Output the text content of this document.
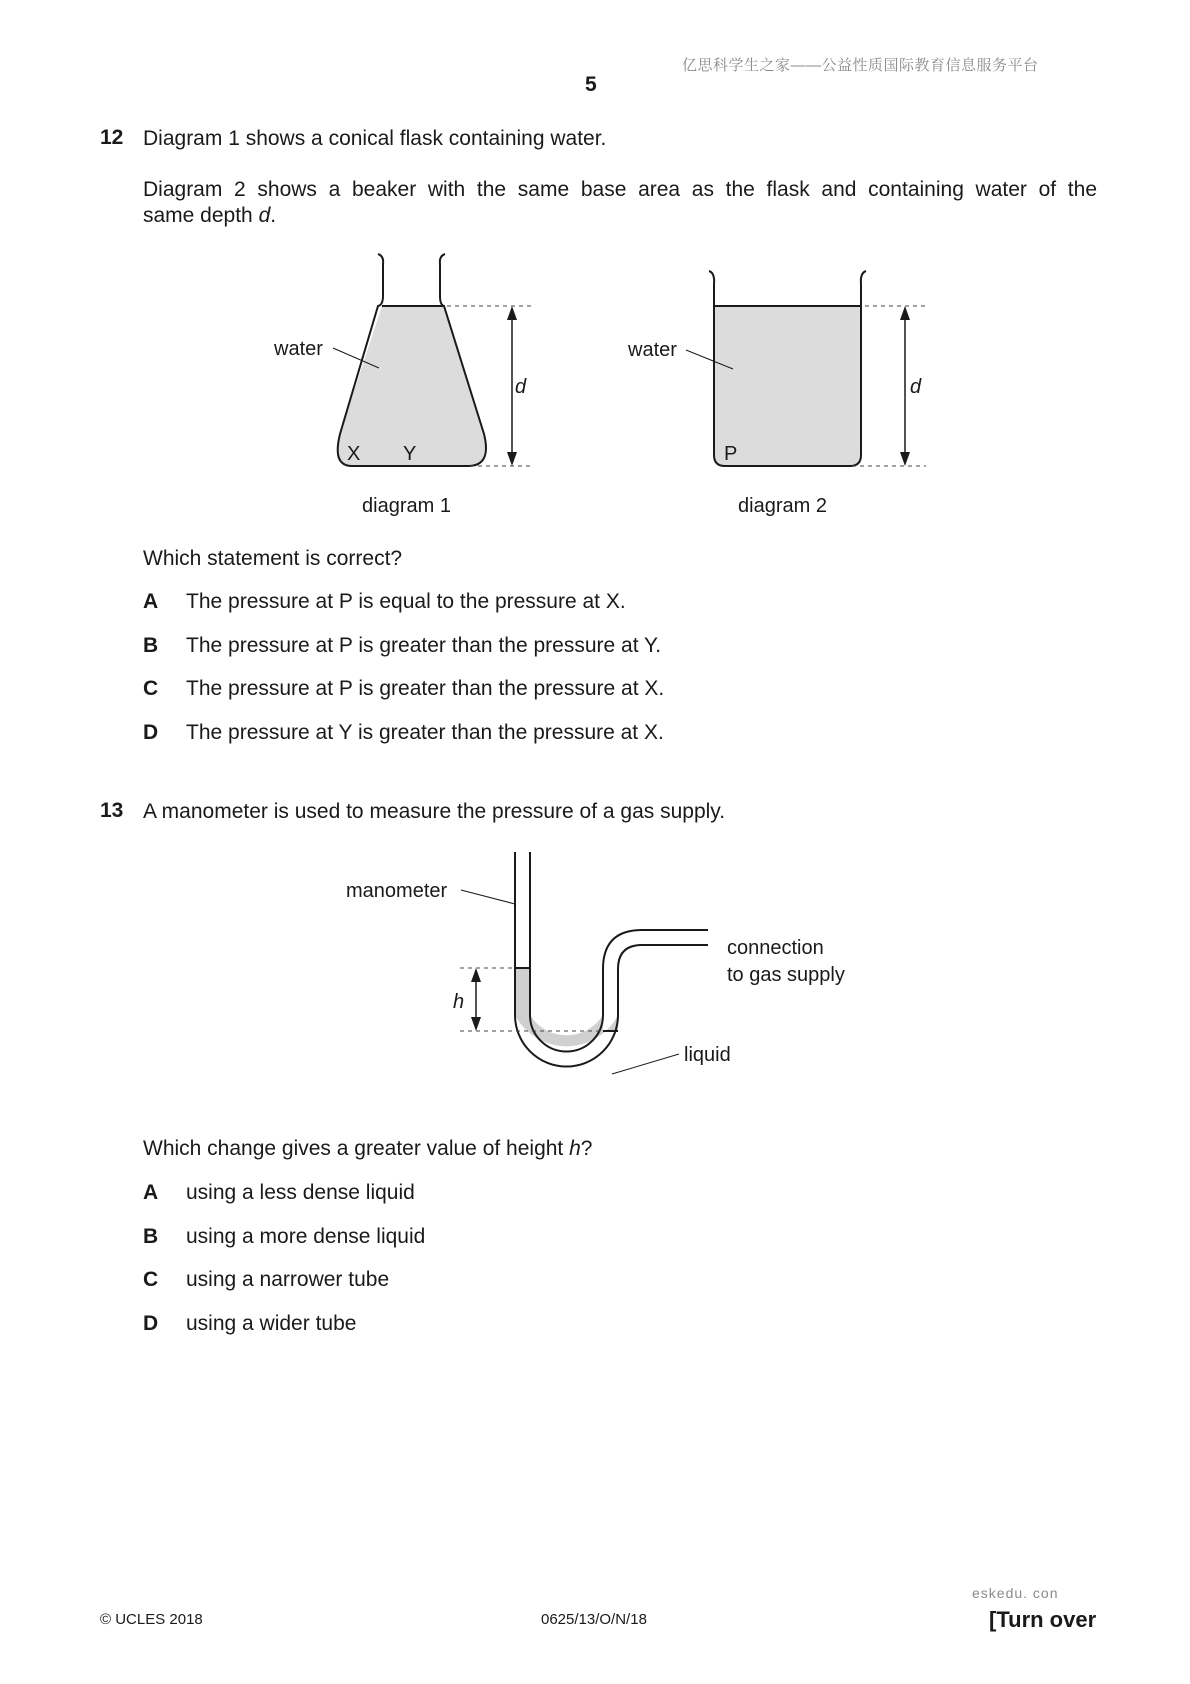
亿思科学生之家——公益性质国际教育信息服务平台
5
12 Diagram 1 shows a conical flask containing water.
Diagram 2 shows a beaker with the same base area as the flask and containing water of the
same depth d.
water
d
X Y
diagram 1
water
d
P
diagram 2
Which statement is correct?
A	The pressure at P is equal to the pressure at X.
B	The pressure at P is greater than the pressure at Y.
C	The pressure at P is greater than the pressure at X.
D	The pressure at Y is greater than the pressure at X.
13 A manometer is used to measure the pressure of a gas supply.
h
manometer
connection
to gas supply
liquid
Which change gives a greater value of height h?
A	using a less dense liquid
B	using a more dense liquid
C	using a narrower tube
D	using a wider tube
© UCLES 2018	0625/13/O/N/18
eskedu. con
[Turn over
